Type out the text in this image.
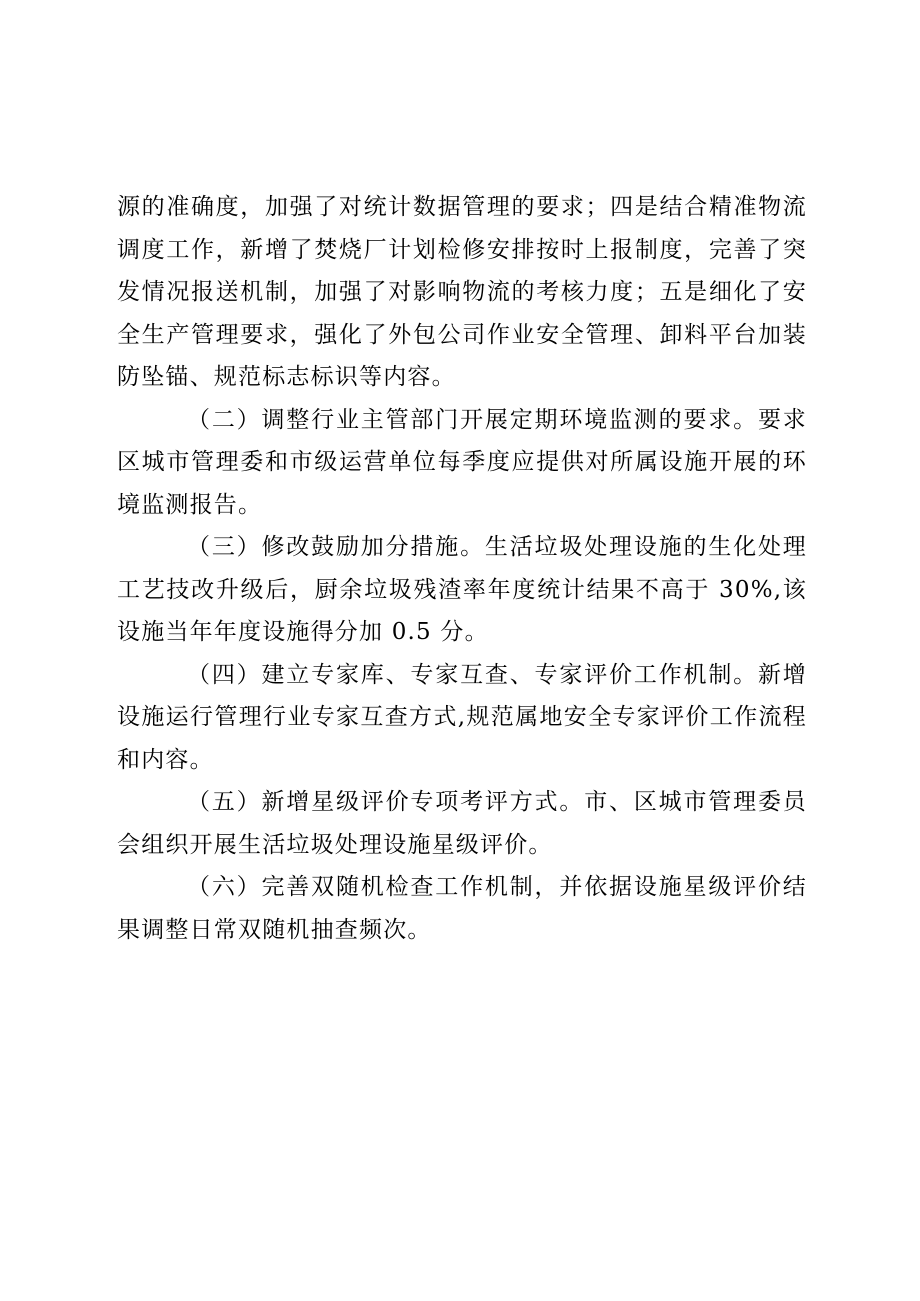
源的准确度，加强了对统计数据管理的要求；四是结合精准物流调度工作，新增了焚烧厂计划检修安排按时上报制度，完善了突发情况报送机制，加强了对影响物流的考核力度；五是细化了安全生产管理要求，强化了外包公司作业安全管理、卸料平台加装防坠锚、规范标志标识等内容。

（二）调整行业主管部门开展定期环境监测的要求。要求区城市管理委和市级运营单位每季度应提供对所属设施开展的环境监测报告。

（三）修改鼓励加分措施。生活垃圾处理设施的生化处理工艺技改升级后，厨余垃圾残渣率年度统计结果不高于 30%,该设施当年年度设施得分加 0.5 分。

（四）建立专家库、专家互查、专家评价工作机制。新增设施运行管理行业专家互查方式,规范属地安全专家评价工作流程和内容。

（五）新增星级评价专项考评方式。市、区城市管理委员会组织开展生活垃圾处理设施星级评价。

（六）完善双随机检查工作机制，并依据设施星级评价结果调整日常双随机抽查频次。
